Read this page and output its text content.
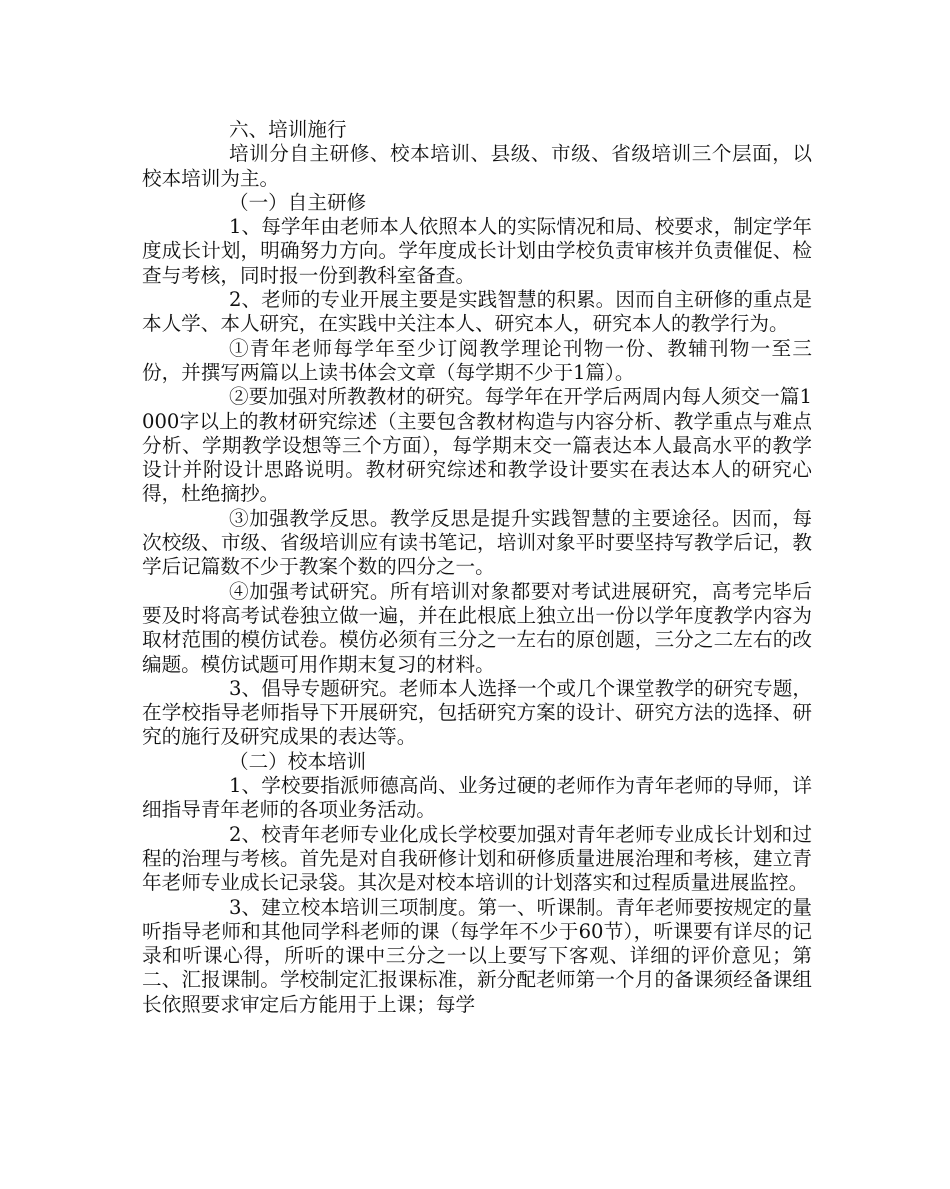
六、培训施行

培训分自主研修、校本培训、县级、市级、省级培训三个层面，以校本培训为主。

（一）自主研修

1、每学年由老师本人依照本人的实际情况和局、校要求，制定学年度成长计划，明确努力方向。学年度成长计划由学校负责审核并负责催促、检查与考核，同时报一份到教科室备查。

2、老师的专业开展主要是实践智慧的积累。因而自主研修的重点是本人学、本人研究，在实践中关注本人、研究本人，研究本人的教学行为。

①青年老师每学年至少订阅教学理论刊物一份、教辅刊物一至三份，并撰写两篇以上读书体会文章（每学期不少于1篇）。

②要加强对所教教材的研究。每学年在开学后两周内每人须交一篇1000字以上的教材研究综述（主要包含教材构造与内容分析、教学重点与难点分析、学期教学设想等三个方面），每学期末交一篇表达本人最高水平的教学设计并附设计思路说明。教材研究综述和教学设计要实在表达本人的研究心得，杜绝摘抄。

③加强教学反思。教学反思是提升实践智慧的主要途径。因而，每次校级、市级、省级培训应有读书笔记，培训对象平时要坚持写教学后记，教学后记篇数不少于教案个数的四分之一。

④加强考试研究。所有培训对象都要对考试进展研究，高考完毕后要及时将高考试卷独立做一遍，并在此根底上独立出一份以学年度教学内容为取材范围的模仿试卷。模仿必须有三分之一左右的原创题，三分之二左右的改编题。模仿试题可用作期末复习的材料。

3、倡导专题研究。老师本人选择一个或几个课堂教学的研究专题，在学校指导老师指导下开展研究，包括研究方案的设计、研究方法的选择、研究的施行及研究成果的表达等。

（二）校本培训

1、学校要指派师德高尚、业务过硬的老师作为青年老师的导师，详细指导青年老师的各项业务活动。

2、校青年老师专业化成长学校要加强对青年老师专业成长计划和过程的治理与考核。首先是对自我研修计划和研修质量进展治理和考核，建立青年老师专业成长记录袋。其次是对校本培训的计划落实和过程质量进展监控。

3、建立校本培训三项制度。第一、听课制。青年老师要按规定的量听指导老师和其他同学科老师的课（每学年不少于60节），听课要有详尽的记录和听课心得，所听的课中三分之一以上要写下客观、详细的评价意见；第二、汇报课制。学校制定汇报课标准，新分配老师第一个月的备课须经备课组长依照要求审定后方能用于上课；每学
